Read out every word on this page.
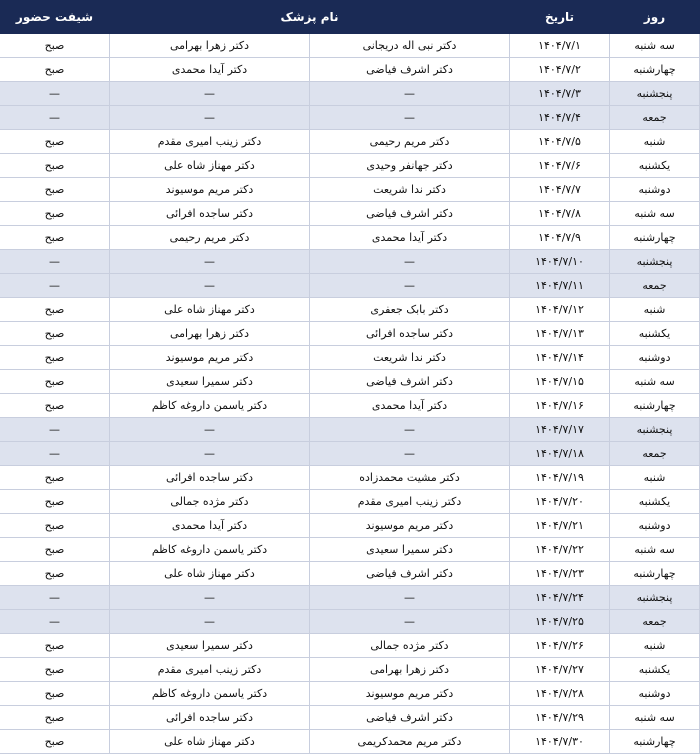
روز	تاریخ	نام پزشک		شیفت حضور
سه شنبه	۱۴۰۴/۷/۱	دکتر نبی اله دریجانی	دکتر زهرا بهرامی	صبح
چهارشنبه	۱۴۰۴/۷/۲	دکتر اشرف فیاضی	دکتر آیدا محمدی	صبح
پنجشنبه	۱۴۰۴/۷/۳	—	—	—
جمعه	۱۴۰۴/۷/۴	—	—	—
شنبه	۱۴۰۴/۷/۵	دکتر مریم رحیمی	دکتر زینب امیری مقدم	صبح
یکشنبه	۱۴۰۴/۷/۶	دکتر جهانفر وحیدی	دکتر مهناز شاه علی	صبح
دوشنبه	۱۴۰۴/۷/۷	دکتر ندا شریعت	دکتر مریم موسیوند	صبح
سه شنبه	۱۴۰۴/۷/۸	دکتر اشرف فیاضی	دکتر ساجده افرائی	صبح
چهارشنبه	۱۴۰۴/۷/۹	دکتر آیدا محمدی	دکتر مریم رحیمی	صبح
پنجشنبه	۱۴۰۴/۷/۱۰	—	—	—
جمعه	۱۴۰۴/۷/۱۱	—	—	—
شنبه	۱۴۰۴/۷/۱۲	دکتر بابک جعفری	دکتر مهناز شاه علی	صبح
یکشنبه	۱۴۰۴/۷/۱۳	دکتر ساجده افرائی	دکتر زهرا بهرامی	صبح
دوشنبه	۱۴۰۴/۷/۱۴	دکتر ندا شریعت	دکتر مریم موسیوند	صبح
سه شنبه	۱۴۰۴/۷/۱۵	دکتر اشرف فیاضی	دکتر سمیرا سعیدی	صبح
چهارشنبه	۱۴۰۴/۷/۱۶	دکتر آیدا محمدی	دکتر یاسمن داروغه کاظم	صبح
پنجشنبه	۱۴۰۴/۷/۱۷	—	—	—
جمعه	۱۴۰۴/۷/۱۸	—	—	—
شنبه	۱۴۰۴/۷/۱۹	دکتر مشیت محمدزاده	دکتر ساجده افرائی	صبح
یکشنبه	۱۴۰۴/۷/۲۰	دکتر زینب امیری مقدم	دکتر مژده جمالی	صبح
دوشنبه	۱۴۰۴/۷/۲۱	دکتر مریم موسیوند	دکتر آیدا محمدی	صبح
سه شنبه	۱۴۰۴/۷/۲۲	دکتر سمیرا سعیدی	دکتر یاسمن داروغه کاظم	صبح
چهارشنبه	۱۴۰۴/۷/۲۳	دکتر اشرف فیاضی	دکتر مهناز شاه علی	صبح
پنجشنبه	۱۴۰۴/۷/۲۴	—	—	—
جمعه	۱۴۰۴/۷/۲۵	—	—	—
شنبه	۱۴۰۴/۷/۲۶	دکتر مژده جمالی	دکتر سمیرا سعیدی	صبح
یکشنبه	۱۴۰۴/۷/۲۷	دکتر زهرا بهرامی	دکتر زینب امیری مقدم	صبح
دوشنبه	۱۴۰۴/۷/۲۸	دکتر مریم موسیوند	دکتر یاسمن داروغه کاظم	صبح
سه شنبه	۱۴۰۴/۷/۲۹	دکتر اشرف فیاضی	دکتر ساجده افرائی	صبح
چهارشنبه	۱۴۰۴/۷/۳۰	دکتر مریم محمدکریمی	دکتر مهناز شاه علی	صبح
